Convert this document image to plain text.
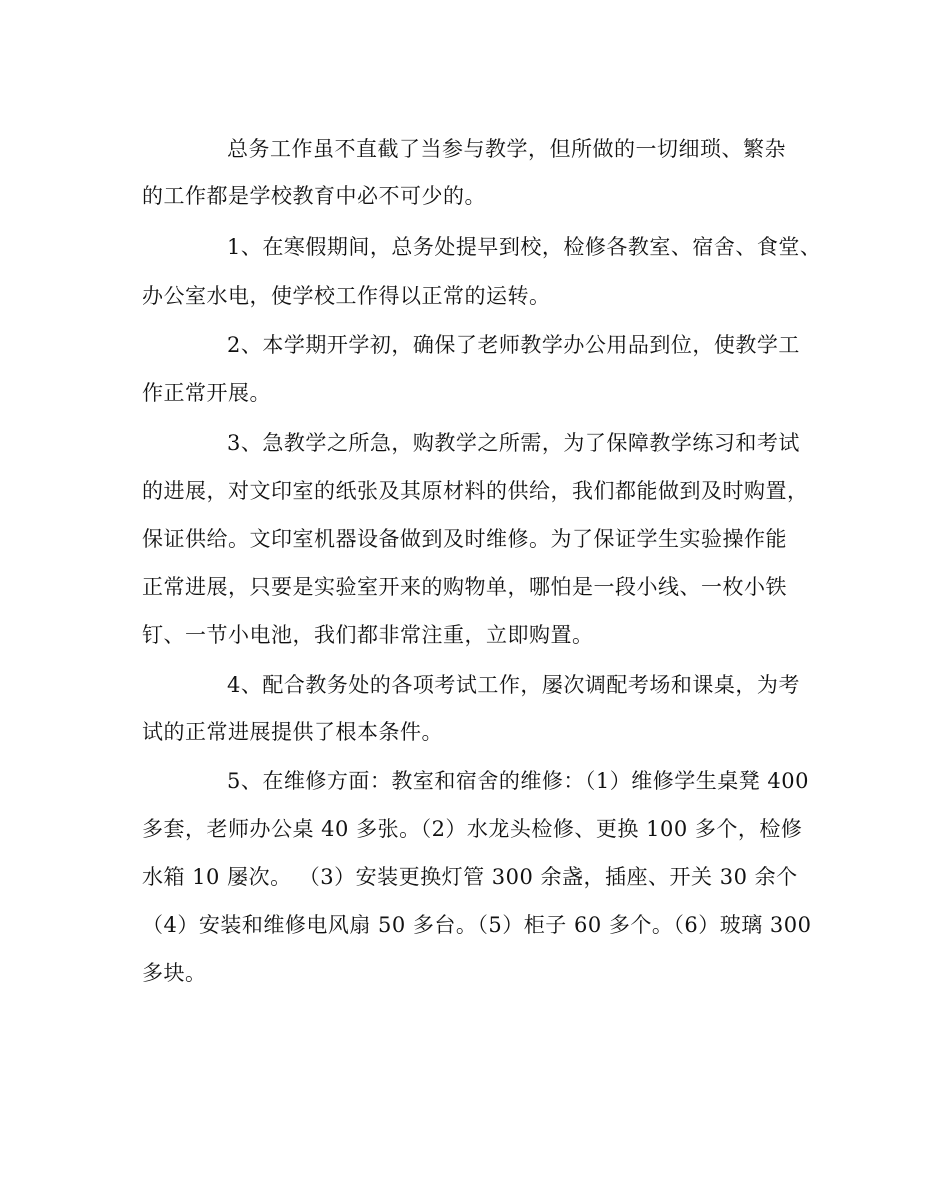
总务工作虽不直截了当参与教学，但所做的一切细琐、繁杂
的工作都是学校教育中必不可少的。
1、在寒假期间，总务处提早到校，检修各教室、宿舍、食堂、
办公室水电，使学校工作得以正常的运转。
2、本学期开学初，确保了老师教学办公用品到位，使教学工
作正常开展。
3、急教学之所急，购教学之所需，为了保障教学练习和考试
的进展，对文印室的纸张及其原材料的供给，我们都能做到及时购置，
保证供给。文印室机器设备做到及时维修。为了保证学生实验操作能
正常进展，只要是实验室开来的购物单，哪怕是一段小线、一枚小铁
钉、一节小电池，我们都非常注重，立即购置。
4、配合教务处的各项考试工作，屡次调配考场和课桌，为考
试的正常进展提供了根本条件。
5、在维修方面：教室和宿舍的维修：（1）维修学生桌凳 400
多套，老师办公桌 40 多张。（2）水龙头检修、更换 100 多个，检修
水箱 10 屡次。 （3）安装更换灯管 300 余盏，插座、开关 30 余个
（4）安装和维修电风扇 50 多台。（5）柜子 60 多个。（6）玻璃 300
多块。
